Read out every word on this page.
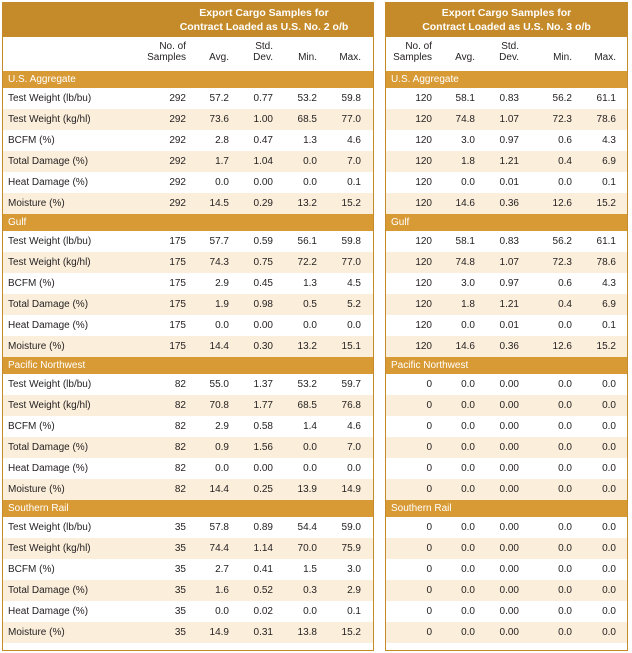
Export Cargo Samples for
Contract Loaded as U.S. No. 2 o/b
No. of
Samples	Avg.
Std.
Dev.	Min.	Max.
U.S. Aggregate
Test Weight (lb/bu)	292	57.2	0.77	53.2	59.8
Test Weight (kg/hl)	292	73.6	1.00	68.5	77.0
BCFM (%)	292	2.8	0.47	1.3	4.6
Total Damage (%)	292	1.7	1.04	0.0	7.0
Heat Damage (%)	292	0.0	0.00	0.0	0.1
Moisture (%)	292	14.5	0.29	13.2	15.2
Gulf
Test Weight (lb/bu)	175	57.7	0.59	56.1	59.8
Test Weight (kg/hl)	175	74.3	0.75	72.2	77.0
BCFM (%)	175	2.9	0.45	1.3	4.5
Total Damage (%)	175	1.9	0.98	0.5	5.2
Heat Damage (%)	175	0.0	0.00	0.0	0.0
Moisture (%)	175	14.4	0.30	13.2	15.1
Pacific Northwest
Test Weight (lb/bu)	82	55.0	1.37	53.2	59.7
Test Weight (kg/hl)	82	70.8	1.77	68.5	76.8
BCFM (%)	82	2.9	0.58	1.4	4.6
Total Damage (%)	82	0.9	1.56	0.0	7.0
Heat Damage (%)	82	0.0	0.00	0.0	0.0
Moisture (%)	82	14.4	0.25	13.9	14.9
Southern Rail
Test Weight (lb/bu)	35	57.8	0.89	54.4	59.0
Test Weight (kg/hl)	35	74.4	1.14	70.0	75.9
BCFM (%)	35	2.7	0.41	1.5	3.0
Total Damage (%)	35	1.6	0.52	0.3	2.9
Heat Damage (%)	35	0.0	0.02	0.0	0.1
Moisture (%)	35	14.9	0.31	13.8	15.2
Export Cargo Samples for
Contract Loaded as U.S. No. 3 o/b
No. of
Samples	Avg.
Std.
Dev.	Min.	Max.
U.S. Aggregate
120	58.1	0.83	56.2	61.1
120	74.8	1.07	72.3	78.6
120	3.0	0.97	0.6	4.3
120	1.8	1.21	0.4	6.9
120	0.0	0.01	0.0	0.1
120	14.6	0.36	12.6	15.2
Gulf
120	58.1	0.83	56.2	61.1
120	74.8	1.07	72.3	78.6
120	3.0	0.97	0.6	4.3
120	1.8	1.21	0.4	6.9
120	0.0	0.01	0.0	0.1
120	14.6	0.36	12.6	15.2
Pacific Northwest
0	0.0	0.00	0.0	0.0
0	0.0	0.00	0.0	0.0
0	0.0	0.00	0.0	0.0
0	0.0	0.00	0.0	0.0
0	0.0	0.00	0.0	0.0
0	0.0	0.00	0.0	0.0
Southern Rail
0	0.0	0.00	0.0	0.0
0	0.0	0.00	0.0	0.0
0	0.0	0.00	0.0	0.0
0	0.0	0.00	0.0	0.0
0	0.0	0.00	0.0	0.0
0	0.0	0.00	0.0	0.0
